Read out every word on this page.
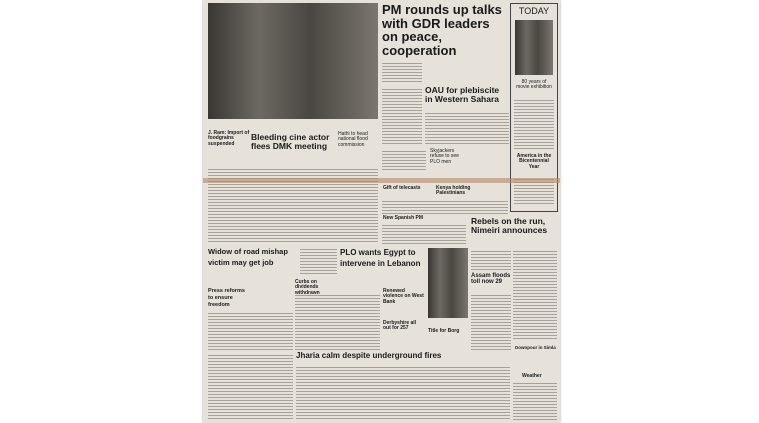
PM rounds up talks with GDR leaders on peace, cooperation
TODAY
80 years of movie exhibition
America in the Bicentennial Year
OAU for plebiscite in Western Sahara
J. Ram: Import of foodgrains suspended
Bleeding cine actor flees DMK meeting
Hathi to head national flood commission
Skyjackers refuse to see PLO men
Gift of telecasts	Kenya holding Palestinians
New Spanish PM	Rebels on the run, Nimeiri announces
Widow of road mishap victim may get job
PLO wants Egypt to intervene in Lebanon
Curbs on dividends withdrawn
Assam floods toll now 29
Press reforms to ensure freedom
Renewed violence on West Bank
Derbyshire all out for 257	Title for Borg
Downpour in Simla
Jharia calm despite underground fires
Weather
